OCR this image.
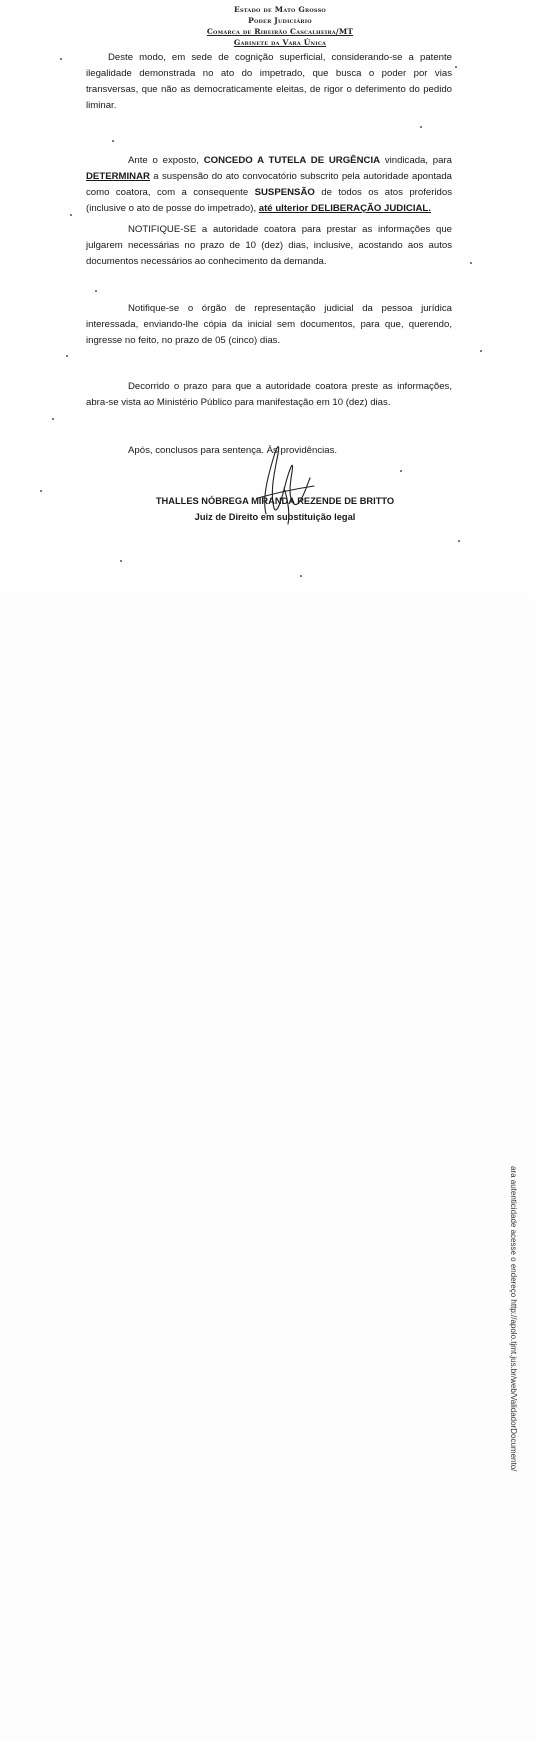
Estado de Mato Grosso
Poder Judiciário
Comarca de Ribeirão Cascalheira/MT
Gabinete da Vara Única
Deste modo, em sede de cognição superficial, considerando-se a patente ilegalidade demonstrada no ato do impetrado, que busca o poder por vias transversas, que não as democraticamente eleitas, de rigor o deferimento do pedido liminar.
Ante o exposto, CONCEDO A TUTELA DE URGÊNCIA vindicada, para DETERMINAR a suspensão do ato convocatório subscrito pela autoridade apontada como coatora, com a consequente SUSPENSÃO de todos os atos proferidos (inclusive o ato de posse do impetrado), até ulterior DELIBERAÇÃO JUDICIAL.
NOTIFIQUE-SE a autoridade coatora para prestar as informações que julgarem necessárias no prazo de 10 (dez) dias, inclusive, acostando aos autos documentos necessários ao conhecimento da demanda.
Notifique-se o órgão de representação judicial da pessoa jurídica interessada, enviando-lhe cópia da inicial sem documentos, para que, querendo, ingresse no feito, no prazo de 05 (cinco) dias.
Decorrido o prazo para que a autoridade coatora preste as informações, abra-se vista ao Ministério Público para manifestação em 10 (dez) dias.
Após, conclusos para sentença. Às providências.
THALLES NÓBREGA MIRANDA REZENDE DE BRITTO
Juiz de Direito em substituição legal
ara autenticidade acesse o endereço http://apolo.tjmt.jus.br/web/ValidadorDocumento/
